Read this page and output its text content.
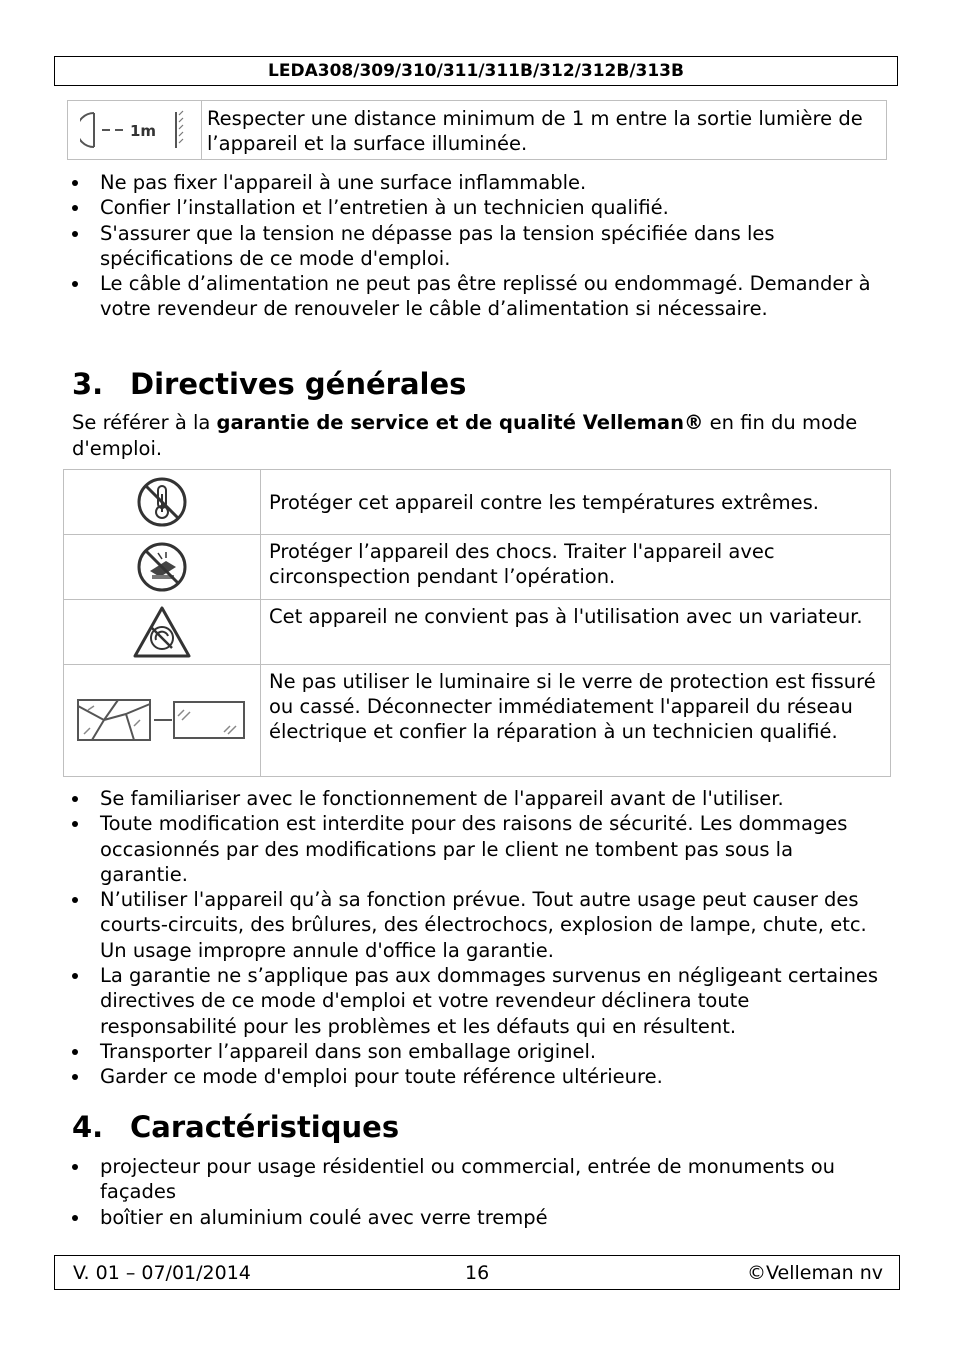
LEDA308/309/310/311/311B/312/312B/313B
1m
Respecter une distance minimum de 1 m entre la sortie lumière de l’appareil et la surface illuminée.
Ne pas fixer l'appareil à une surface inflammable.
Confier l’installation et l’entretien à un technicien qualifié.
S'assurer que la tension ne dépasse pas la tension spécifiée dans les spécifications de ce mode d'emploi.
Le câble d’alimentation ne peut pas être replissé ou endommagé. Demander à votre revendeur de renouveler le câble d’alimentation si nécessaire.
3. Directives générales

Se référer à la garantie de service et de qualité Velleman® en fin du mode d'emploi.

	Protéger cet appareil contre les températures extrêmes.

	Protéger l’appareil des chocs. Traiter l'appareil avec circonspection pendant l’opération.

	Cet appareil ne convient pas à l'utilisation avec un variateur.

	Ne pas utiliser le luminaire si le verre de protection est fissuré ou cassé. Déconnecter immédiatement l'appareil du réseau électrique et confier la réparation à un technicien qualifié.
Se familiariser avec le fonctionnement de l'appareil avant de l'utiliser.
Toute modification est interdite pour des raisons de sécurité. Les dommages occasionnés par des modifications par le client ne tombent pas sous la garantie.
N’utiliser l'appareil qu’à sa fonction prévue. Tout autre usage peut causer des courts-circuits, des brûlures, des électrochocs, explosion de lampe, chute, etc. Un usage impropre annule d'office la garantie.
La garantie ne s’applique pas aux dommages survenus en négligeant certaines directives de ce mode d'emploi et votre revendeur déclinera toute responsabilité pour les problèmes et les défauts qui en résultent.
Transporter l’appareil dans son emballage originel.
Garder ce mode d'emploi pour toute référence ultérieure.
4. Caractéristiques
projecteur pour usage résidentiel ou commercial, entrée de monuments ou façades
boîtier en aluminium coulé avec verre trempé
V. 01 – 07/01/2014	16	©Velleman nv
